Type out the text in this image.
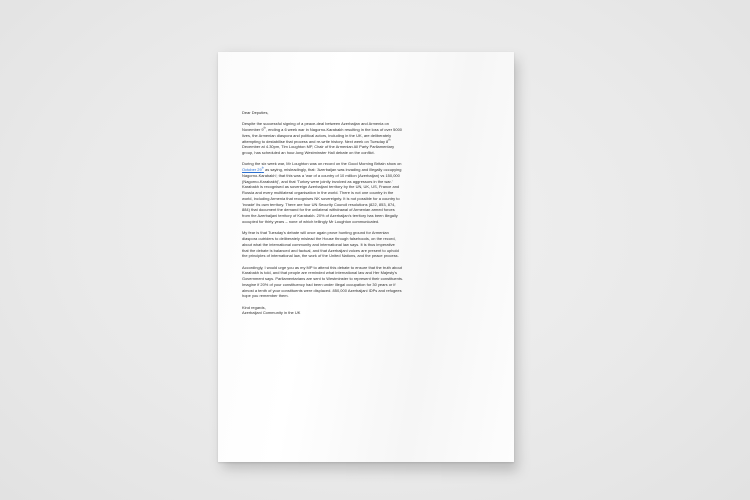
Dear Deputies,

Despite the successful signing of a peace-deal between Azerbaijan and Armenia on
November 9th, ending a 6 week war in Nagorno-Karabakh resulting in the loss of over 5000
lives, the Armenian diaspora and political actors, including in the UK, are deliberately
attempting to destabilise that process and re-write history. Next week on Tuesday 8th
December at 4.30pm, Tim Loughton MP, Chair of the Armenian All Party Parliamentary
group, has scheduled an hour-long Westminster Hall debate on the conflict.

During the six week war, Mr Loughton was on record on the Good Morning Britain show on
October 29th as saying, misleadingly, that: 'Azerbaijan was invading and illegally occupying
Nagorno-Karabakh'; that this was a 'war of a country of 10 million (Azerbaijan) vs 150,000
(Nagorno-Karabakh)', and that 'Turkey were jointly involved as aggressors in the war.'
Karabakh is recognised as sovereign Azerbaijani territory by the UN, UK, US, France and
Russia and every multilateral organisation in the world. There is not one country in the
world, including Armenia that recognises NK sovereignty. It is not possible for a country to
'invade' its own territory. There are four UN Security Council resolutions (822, 853, 874,
884) that document the demand for the unilateral withdrawal of Armenian armed forces
from the Azerbaijani territory of Karabakh. 20% of Azerbaijan's territory has been illegally
occupied for thirty years – none of which tellingly Mr Loughton communicated.

My fear is that Tuesday's debate will once again prove hunting ground for Armenian
diaspora outriders to deliberately mislead the House through falsehoods, on the record,
about what the international community and international law says. It is thus imperative
that the debate is balanced and factual, and that Azerbaijani voices are present to uphold
the principles of international law, the work of the United Nations, and the peace process.

Accordingly, I would urge you as my MP to attend this debate to ensure that the truth about
Karabakh is told, and that people are reminded what international law and Her Majesty's
Government says. Parliamentarians are sent to Westminster to represent their constituents.
Imagine if 20% of your constituency had been under illegal occupation for 30 years or if
almost a tenth of your constituents were displaced. 850,000 Azerbaijani IDPs and refugees
hope you remember them.

Kind regards,
Azerbaijani Community in the UK
